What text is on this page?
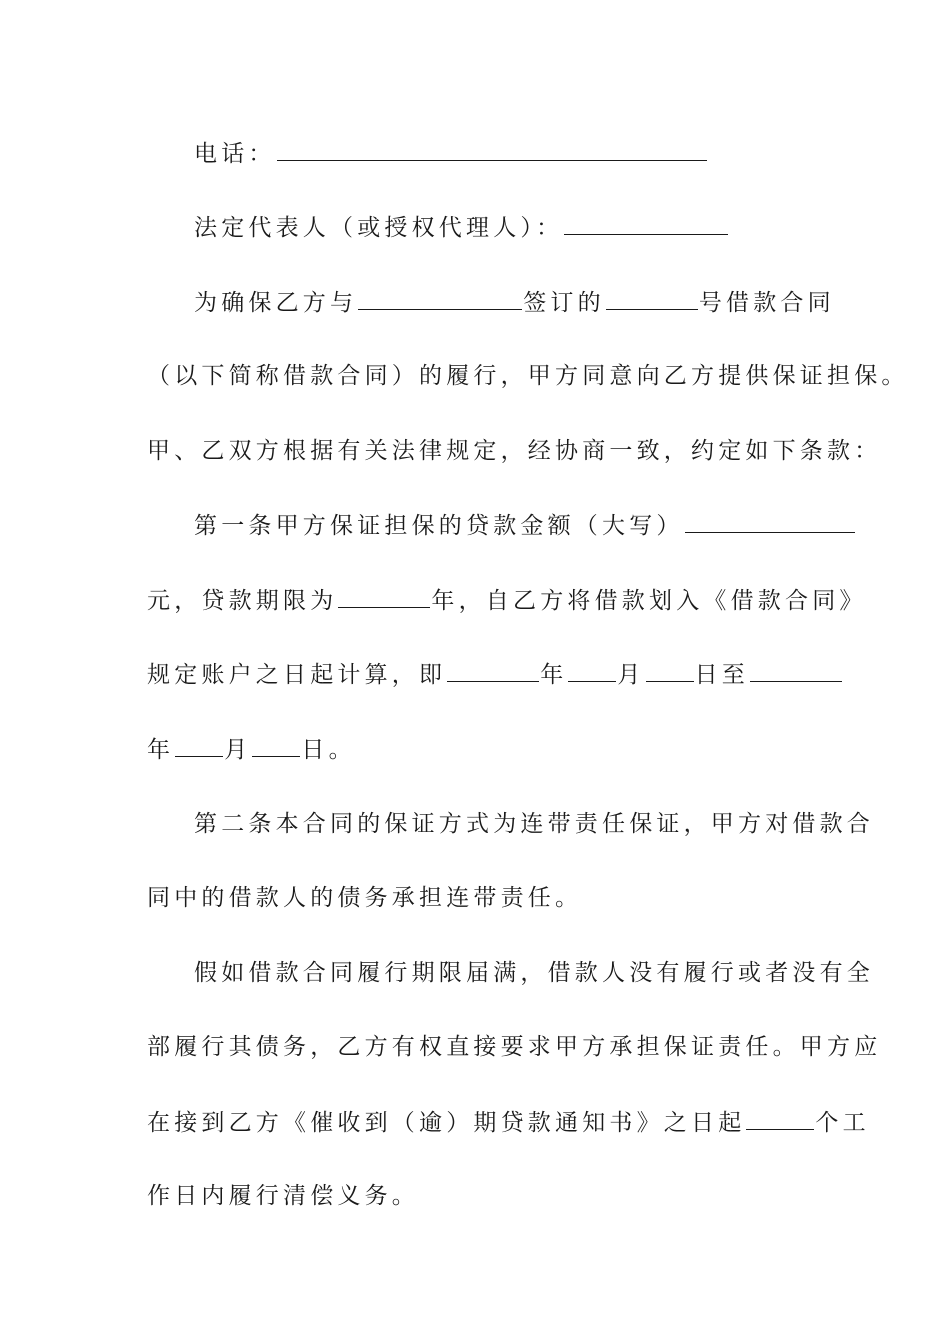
电话：
法定代表人（或授权代理人）：
为确保乙方与	签订的	号借款合同
（以下简称借款合同）的履行，甲方同意向乙方提供保证担保。
甲、乙双方根据有关法律规定，经协商一致，约定如下条款：
第一条甲方保证担保的贷款金额（大写）
元，贷款期限为	年，自乙方将借款划入《借款合同》
规定账户之日起计算，即	年 月 日至
年 月 日。
第二条本合同的保证方式为连带责任保证，甲方对借款合
同中的借款人的债务承担连带责任。
假如借款合同履行期限届满，借款人没有履行或者没有全
部履行其债务，乙方有权直接要求甲方承担保证责任。甲方应
在接到乙方《催收到（逾）期贷款通知书》之日起	个工
作日内履行清偿义务。
